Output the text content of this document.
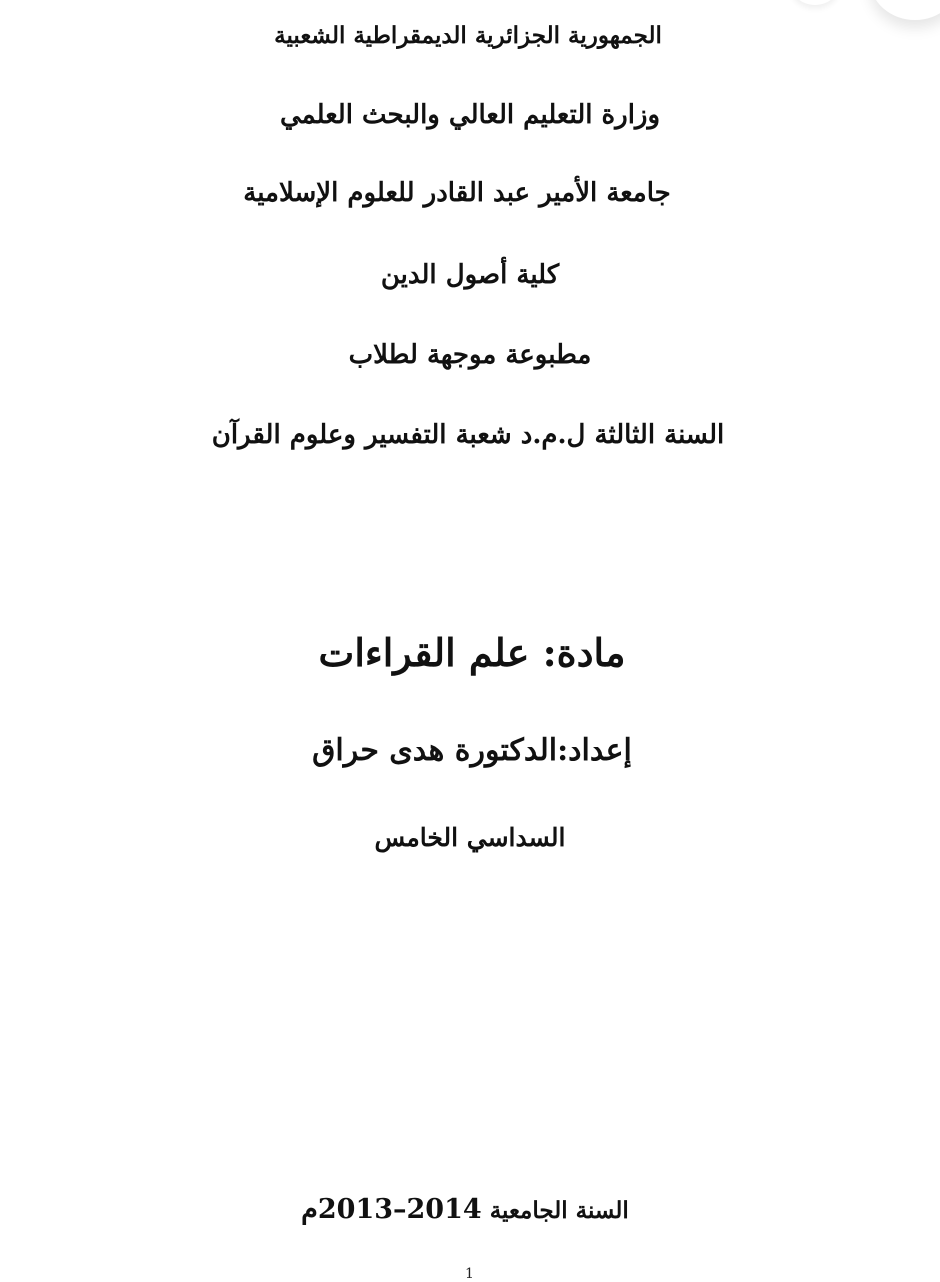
الجمهورية الجزائرية الديمقراطية الشعبية
وزارة التعليم العالي والبحث العلمي
جامعة الأمير عبد القادر للعلوم الإسلامية
كلية أصول الدين
مطبوعة موجهة لطلاب
السنة الثالثة ل.م.د شعبة التفسير وعلوم القرآن
مادة: علم القراءات
إعداد:الدكتورة هدى حراق
السداسي الخامس
السنة الجامعية 2013–2014م
1
